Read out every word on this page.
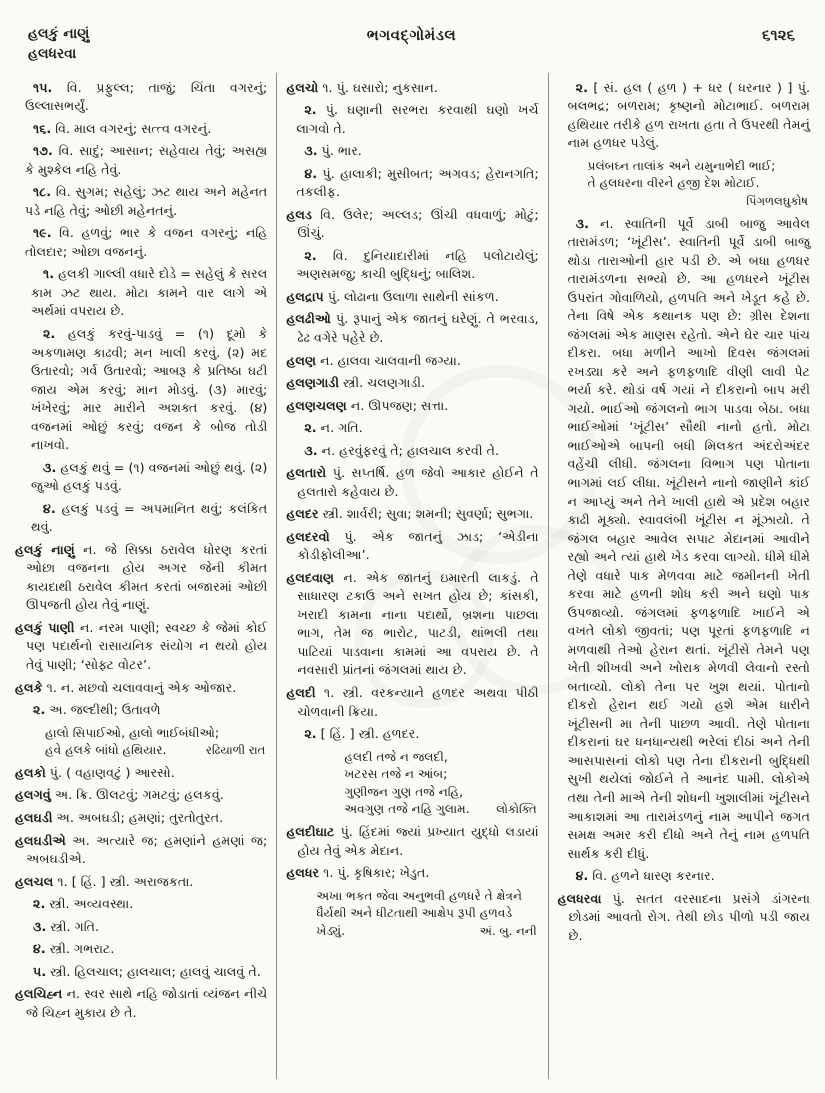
હલકું નાણું
હલધરવા
ભગવદ્ગોમંડલ	૬૧૨૬

૧૫. વિ. પ્રફુલ્લ; તાજું; ચિંતા વગરનું; ઉલ્લાસભર્યું.

૧૬. વિ. માલ વગરનું; સત્ત્વ વગરનું.

૧૭. વિ. સાદું; આસાન; સહેવાય તેવું; અસહ્ય કે મુશ્કેલ નહિ તેવું.

૧૮. વિ. સુગમ; સહેલું; ઝટ થાય અને મહેનત પડે નહિ તેવું; ઓછી મહેનતનું.

૧૯. વિ. હળવું; ભાર કે વજન વગરનું; નહિ તોલદાર; ઓછા વજનનું.

૧. હલકી ગાલ્લી વધારે દોડે = સહેલું કે સરલ કામ ઝટ થાય. મોટા કામને વાર લાગે એ અર્થમાં વપરાય છે.

૨. હલકું કરવું-પાડવું = (૧) દૂમો કે અકળામણ કાઢવી; મન ખાલી કરવું. (૨) મદ ઉતારવો; ગર્વ ઉતારવો; આબરૂ કે પ્રતિષ્ઠા ઘટી જાય એમ કરવું; માન મોડવું. (૩) મારવું; ખંખેરવું; માર મારીને અશક્ત કરવું. (૪) વજનમાં ઓછું કરવું; વજન કે બોજ તોડી નાખવો.

૩. હલકું થવું = (૧) વજનમાં ઓછું થવું. (૨) જુઓ હલકું પડવું.

૪. હલકું પડવું = અપમાનિત થવું; કલંકિત થવું.

હલકું નાણું ન. જે સિક્કા ઠરાવેલ ધોરણ કરતાં ઓછા વજનના હોય અગર જેની કીમત કાયદાથી ઠરાવેલ કીમત કરતાં બજારમાં ઓછી ઊપજતી હોય તેવું નાણું.

હલકું પાણી ન. નરમ પાણી; સ્વચ્છ કે જેમાં કોઈ પણ પદાર્થનો રાસાયનિક સંયોગ ન થયો હોય તેવું પાણી; ‘સોફ્ટ વોટર’.

હલકે ૧. ન. મછવો ચલાવવાનું એક ઓજાર.

૨. અ. જલ્દીથી; ઉતાવળે

હાલો સિપાઈઓ, હાલો ભાઈબંધીઓ;
હવે હલકે બાંધો હથિયાર.	રઢિયાળી રાત

હલકો પું. ( વહાણવટું ) આરસો.

હલગવું અ. ક્રિ. ઊલટવું; ગમટવું; હલકવું.

હલઘડી અ. અબઘડી; હમણાં; તુરતોતુરત.

હલઘડીએ અ. અત્યારે જ; હમણાંને હમણાં જ; અબઘડીએ.

હલચલ ૧. [ હિં. ] સ્ત્રી. અરાજકતા.

૨. સ્ત્રી. અવ્યવસ્થા.

૩. સ્ત્રી. ગતિ.

૪. સ્ત્રી. ગભરાટ.

૫. સ્ત્રી. હિલચાલ; હાલચાલ; હાલવું ચાલવું તે.

હલચિહ્ન ન. સ્વર સાથે નહિ જોડાતાં વ્યંજન નીચે જે ચિહ્ન મુકાય છે તે.

હલચો ૧. પું. ઘસારો; નુકસાન.

૨. પું. ઘણાની સરભરા કરવાથી ઘણો ખર્ચ લાગવો તે.

૩. પું. ભાર.

૪. પું. હાલાકી; મુસીબત; અગવડ; હેરાનગતિ; તકલીફ.

હલડ વિ. ઉલેર; અલ્લડ; ઊંચી વધવાળું; મોટું; ઊંચું.

૨. વિ. દુનિયાદારીમાં નહિ પલોટાયેલું; અણસમજુ; કાચી બુદ્ધિનું; બાલિશ.

હલદ્રાપ પું. લોઢાના ઉલાળા સાથેની સાંકળ.

હલઢીઓ પું. રૂપાનું એક જાતનું ઘરેણું. તે ભરવાડ, ઢેઢ વગેરે પહેરે છે.

હલણ ન. હાલવા ચાલવાની જગ્યા.

હલણગાડી સ્ત્રી. ચલણગાડી.

હલણચલણ ન. ઊપજણ; સત્તા.

૨. ન. ગતિ.

૩. ન. હરવુંફરવું તે; હાલચાલ કરવી તે.

હલતારો પું. સપ્તર્ષિ. હળ જેવો આકાર હોઈને તે હલતારો કહેવાય છે.

હલદર સ્ત્રી. શાર્વરી; સુવા; શમની; સુવર્ણા; સુભગા.

હલદરવો પું. એક જાતનું ઝાડ; ‘એડીના કોડીફોલીઆ’.

હલદવાણ ન. એક જાતનું ઇમારતી લાકડું. તે સાધારણ ટકાઉ અને સખત હોય છે; કાંસકી, ખરાદી કામના નાના પદાર્થો, બ્રશના પાછલા ભાગ, તેમ જ ભારોટ, પાટડી, થાંભલી તથા પાટિયાં પાડવાના કામમાં આ વપરાય છે. તે નવસારી પ્રાંતનાં જંગલમાં થાય છે.

હલદી ૧. સ્ત્રી. વરકન્યાને હળદર અથવા પીઠી ચોળવાની ક્રિયા.

૨. [ હિં. ] સ્ત્રી. હળદર.

હલદી તજે ન જલદી,
ખટરસ તજે ન આંબ;
ગુણીજન ગુણ તજે નહિ,
અવગુણ તજે નહિ ગુલામ.	લોકોક્તિ

હલદીઘાટ પું. હિંદમાં જ્યાં પ્રખ્યાત યુદ્ધો લડાયાં હોય તેવું એક મેદાન.

હલધર ૧. પું. કૃષિકાર; ખેડુત.

અખા ભકત જેવા અનુભવી હળધરે તે ક્ષેત્રને ધૈર્યથી અને ધીટતાથી આક્ષેપ રૂપી હળવડે ખેડ્યું.	અં. બુ. નની

૨. [ સં. હલ ( હળ ) + ધર ( ધરનાર ) ] પું. બલભદ્ર; બળરામ; કૃષ્ણનો મોટાભાઈ. બળરામ હથિયાર તરીકે હળ રાખતા હતા તે ઉપરથી તેમનું નામ હળધર પડેલું.

પ્રલંબઘ્ન તાલાંક અને યમુનાભેદી ભાઈ;
તે હલધરના વીરને હજી દેશ મોટાઈ.
પિંગળલઘુકોષ

૩. ન. સ્વાતિની પૂર્વે ડાબી બાજુ આવેલ તારામંડળ; ‘ખૂંટીસ’. સ્વાતિની પૂર્વે ડાબી બાજુ થોડા તારાઓની હાર પડી છે. એ બધા હળધર તારામંડળના સભ્યો છે. આ હળધરને ખૂંટીસ ઉપરાંત ગોવાળિયો, હળપતિ અને ખેડૂત કહે છે. તેના વિષે એક કથાનક પણ છે: ગ્રીસ દેશના જંગલમાં એક માણસ રહેતો. એને ઘેર ચાર પાંચ દીકરા. બધા મળીને આખો દિવસ જંગલમાં રખડ્યા કરે અને ફળફળાદિ વીણી લાવી પેટ ભર્યા કરે. થોડાં વર્ષ ગયાં ને દીકરાનો બાપ મરી ગયો. ભાઈઓ જંગલનો ભાગ પાડવા બેઠા. બધા ભાઈઓમાં ‘ખૂંટીસ’ સૌથી નાનો હતો. મોટા ભાઈઓએ બાપની બધી મિલકત અંદરોઅંદર વહેંચી લીધી. જંગલના વિભાગ પણ પોતાના ભાગમાં લઈ લીધા. ખૂંટીસને નાનો જાણીને કાંઈ ન આપ્યું અને તેને ખાલી હાથે એ પ્રદેશ બહાર કાઢી મૂક્યો. સ્વાવલંબી ખૂંટીસ ન મૂંઝાયો. તે જંગલ બહાર આવેલ સપાટ મેદાનમાં આવીને રહ્યો અને ત્યાં હાથે ખેડ કરવા લાગ્યો. ધીમે ધીમે તેણે વધારે પાક મેળવવા માટે જમીનની ખેતી કરવા માટે હળની શોધ કરી અને ઘણો પાક ઉપજાવ્યો. જંગલમાં ફળફળાદિ ખાઈને એ વખતે લોકો જીવતાં; પણ પૂરતાં ફળફળાદિ ન મળવાથી તેઓ હેરાન થતાં. ખૂંટીસે તેમને પણ ખેતી શીખવી અને ખોરાક મેળવી લેવાનો રસ્તો બતાવ્યો. લોકો તેના પર ખુશ થયાં. પોતાનો દીકરો હેરાન થઈ ગયો હશે એમ ધારીને ખૂંટીસની મા તેની પાછળ આવી. તેણે પોતાના દીકરાનાં ઘર ધનધાન્યથી ભરેલાં દીઠાં અને તેની આસપાસનાં લોકો પણ તેના દીકરાની બુદ્ધિથી સુખી થયેલાં જોઈને તે આનંદ પામી. લોકોએ તથા તેની માએ તેની શોધની ખુશાલીમાં ખૂંટીસને આકાશમાં આ તારામંડળનું નામ આપીને જગત સમક્ષ અમર કરી દીધો અને તેનું નામ હળપતિ સાર્થક કરી દીધું.

૪. વિ. હળને ધારણ કરનાર.

હલધરવા પું. સતત વરસાદના પ્રસંગે ડાંગરના છોડમાં આવતો રોગ. તેથી છોડ પીળો પડી જાય છે.
